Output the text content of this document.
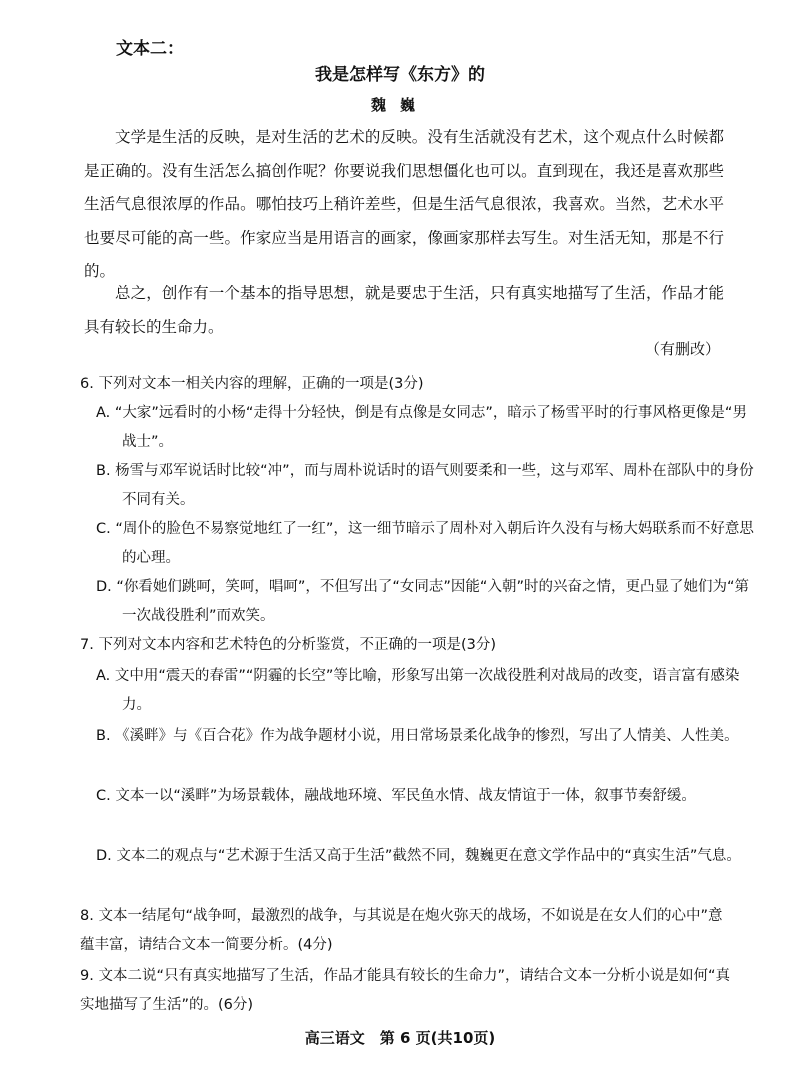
文本二：
我是怎样写《东方》的
魏巍
文学是生活的反映，是对生活的艺术的反映。没有生活就没有艺术，这个观点什么时候都是正确的。没有生活怎么搞创作呢？你要说我们思想僵化也可以。直到现在，我还是喜欢那些生活气息很浓厚的作品。哪怕技巧上稍许差些，但是生活气息很浓，我喜欢。当然，艺术水平也要尽可能的高一些。作家应当是用语言的画家，像画家那样去写生。对生活无知，那是不行的。
总之，创作有一个基本的指导思想，就是要忠于生活，只有真实地描写了生活，作品才能具有较长的生命力。
（有删改）
6. 下列对文本一相关内容的理解，正确的一项是(3分)
A. “大家”远看时的小杨“走得十分轻快，倒是有点像是女同志”，暗示了杨雪平时的行事风格更像是“男战士”。
B. 杨雪与邓军说话时比较“冲”，而与周朴说话时的语气则要柔和一些，这与邓军、周朴在部队中的身份不同有关。
C. “周仆的脸色不易察觉地红了一红”，这一细节暗示了周朴对入朝后许久没有与杨大妈联系而不好意思的心理。
D. “你看她们跳呵，笑呵，唱呵”，不但写出了“女同志”因能“入朝”时的兴奋之情，更凸显了她们为“第一次战役胜利”而欢笑。
7. 下列对文本内容和艺术特色的分析鉴赏，不正确的一项是(3分)
A. 文中用“震天的春雷”“阴霾的长空”等比喻，形象写出第一次战役胜利对战局的改变，语言富有感染力。
B. 《溪畔》与《百合花》作为战争题材小说，用日常场景柔化战争的惨烈，写出了人情美、人性美。
C. 文本一以“溪畔”为场景载体，融战地环境、军民鱼水情、战友情谊于一体，叙事节奏舒缓。
D. 文本二的观点与“艺术源于生活又高于生活”截然不同，魏巍更在意文学作品中的“真实生活”气息。
8. 文本一结尾句“战争呵，最激烈的战争，与其说是在炮火弥天的战场，不如说是在女人们的心中”意蕴丰富，请结合文本一简要分析。(4分)
9. 文本二说“只有真实地描写了生活，作品才能具有较长的生命力”，请结合文本一分析小说是如何“真实地描写了生活”的。(6分)
高三语文　第 6 页(共10页)
